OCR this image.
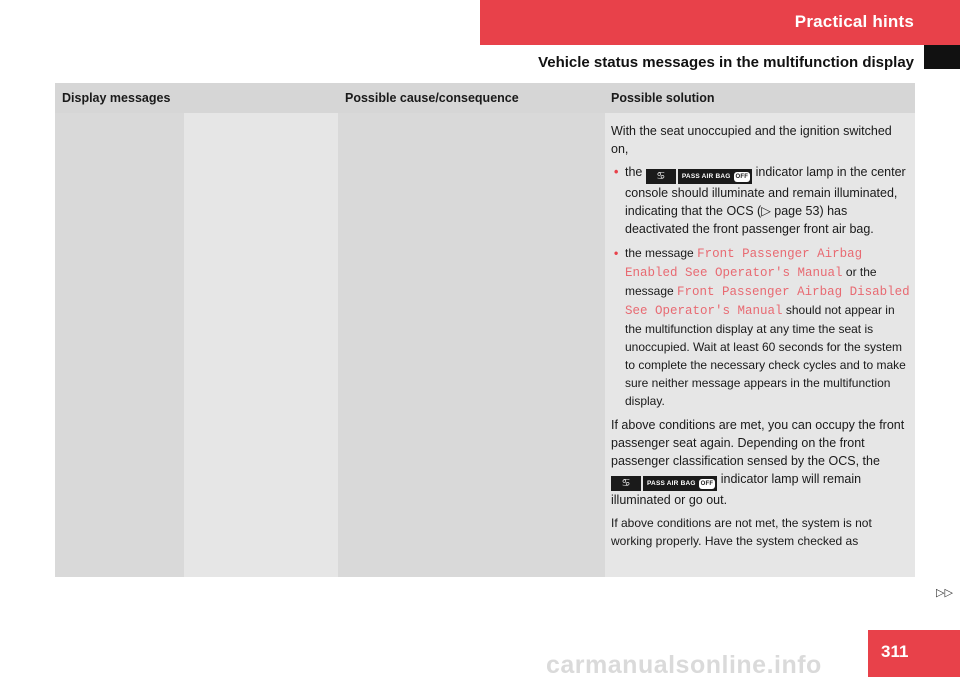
Practical hints
Vehicle status messages in the multifunction display
Display messages	Possible cause/consequence	Possible solution

With the seat unoccupied and the ignition switched on,

• the	♋	PASS AIR BAG OFF indicator lamp in the center console should illuminate and remain illuminated, indicating that the OCS (▷ page 53) has deactivated the front passenger front air bag.
• the message Front Passenger Airbag Enabled See Operator's Manual or the message Front Passenger Airbag Disabled See Operator's Manual should not appear in the multifunction display at any time the seat is unoccupied. Wait at least 60 seconds for the system to complete the necessary check cycles and to make sure neither message appears in the multifunction display.

If above conditions are met, you can occupy the front passenger seat again. Depending on the front passenger classification sensed by the OCS, the
♋	PASS AIR BAG OFF indicator lamp will remain illuminated or go out.

If above conditions are not met, the system is not working properly. Have the system checked as

▷▷
311
carmanualsonline.info
